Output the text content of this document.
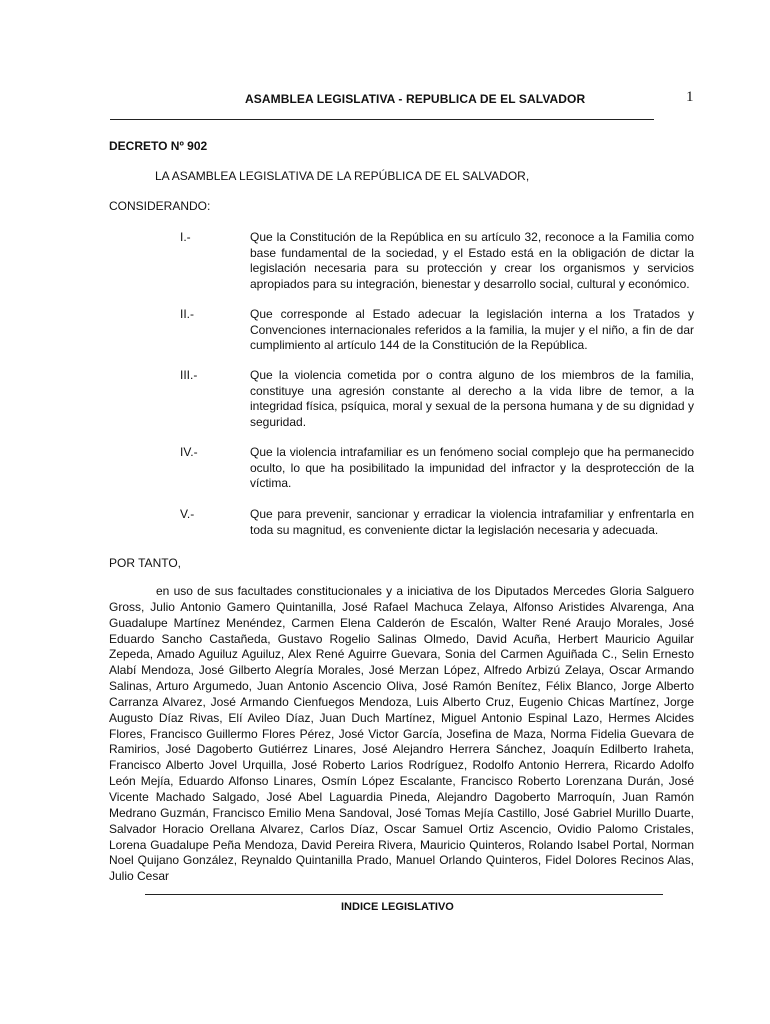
ASAMBLEA LEGISLATIVA - REPUBLICA DE EL SALVADOR	1
DECRETO Nº 902
LA ASAMBLEA LEGISLATIVA DE LA REPÚBLICA DE EL SALVADOR,
CONSIDERANDO:
I.-	Que la Constitución de la República en su artículo 32, reconoce a la Familia como base fundamental de la sociedad, y el Estado está en la obligación de dictar la legislación necesaria para su protección y crear los organismos y servicios apropiados para su integración, bienestar y desarrollo social, cultural y económico.
II.-	Que corresponde al Estado adecuar la legislación interna a los Tratados y Convenciones internacionales referidos a la familia, la mujer y el niño, a fin de dar cumplimiento al artículo 144 de la Constitución de la República.
III.-	Que la violencia cometida por o contra alguno de los miembros de la familia, constituye una agresión constante al derecho a la vida libre de temor, a la integridad física, psíquica, moral y sexual de la persona humana y de su dignidad y seguridad.
IV.-	Que la violencia intrafamiliar es un fenómeno social complejo que ha permanecido oculto, lo que ha posibilitado la impunidad del infractor y la desprotección de la víctima.
V.-	Que para prevenir, sancionar y erradicar la violencia intrafamiliar y enfrentarla en toda su magnitud, es conveniente dictar la legislación necesaria y adecuada.
POR TANTO,
en uso de sus facultades constitucionales y a iniciativa de los Diputados Mercedes Gloria Salguero Gross, Julio Antonio Gamero Quintanilla, José Rafael Machuca Zelaya, Alfonso Aristides Alvarenga, Ana Guadalupe Martínez Menéndez, Carmen Elena Calderón de Escalón, Walter René Araujo Morales, José Eduardo Sancho Castañeda, Gustavo Rogelio Salinas Olmedo, David Acuña, Herbert Mauricio Aguilar Zepeda, Amado Aguiluz Aguiluz, Alex René Aguirre Guevara, Sonia del Carmen Aguiñada C., Selin Ernesto Alabí Mendoza, José Gilberto Alegría Morales, José Merzan López, Alfredo Arbizú Zelaya, Oscar Armando Salinas, Arturo Argumedo, Juan Antonio Ascencio Oliva, José Ramón Benítez, Félix Blanco, Jorge Alberto Carranza Alvarez, José Armando Cienfuegos Mendoza, Luis Alberto Cruz, Eugenio Chicas Martínez, Jorge Augusto Díaz Rivas, Elí Avileo Díaz, Juan Duch Martínez, Miguel Antonio Espinal Lazo, Hermes Alcides Flores, Francisco Guillermo Flores Pérez, José Victor García, Josefina de Maza, Norma Fidelia Guevara de Ramirios, José Dagoberto Gutiérrez Linares, José Alejandro Herrera Sánchez, Joaquín Edilberto Iraheta, Francisco Alberto Jovel Urquilla, José Roberto Larios Rodríguez, Rodolfo Antonio Herrera, Ricardo Adolfo León Mejía, Eduardo Alfonso Linares, Osmín López Escalante, Francisco Roberto Lorenzana Durán, José Vicente Machado Salgado, José Abel Laguardia Pineda, Alejandro Dagoberto Marroquín, Juan Ramón Medrano Guzmán, Francisco Emilio Mena Sandoval, José Tomas Mejía Castillo, José Gabriel Murillo Duarte, Salvador Horacio Orellana Alvarez, Carlos Díaz, Oscar Samuel Ortiz Ascencio, Ovidio Palomo Cristales, Lorena Guadalupe Peña Mendoza, David Pereira Rivera, Mauricio Quinteros, Rolando Isabel Portal, Norman Noel Quijano González, Reynaldo Quintanilla Prado, Manuel Orlando Quinteros, Fidel Dolores Recinos Alas, Julio Cesar
INDICE LEGISLATIVO
